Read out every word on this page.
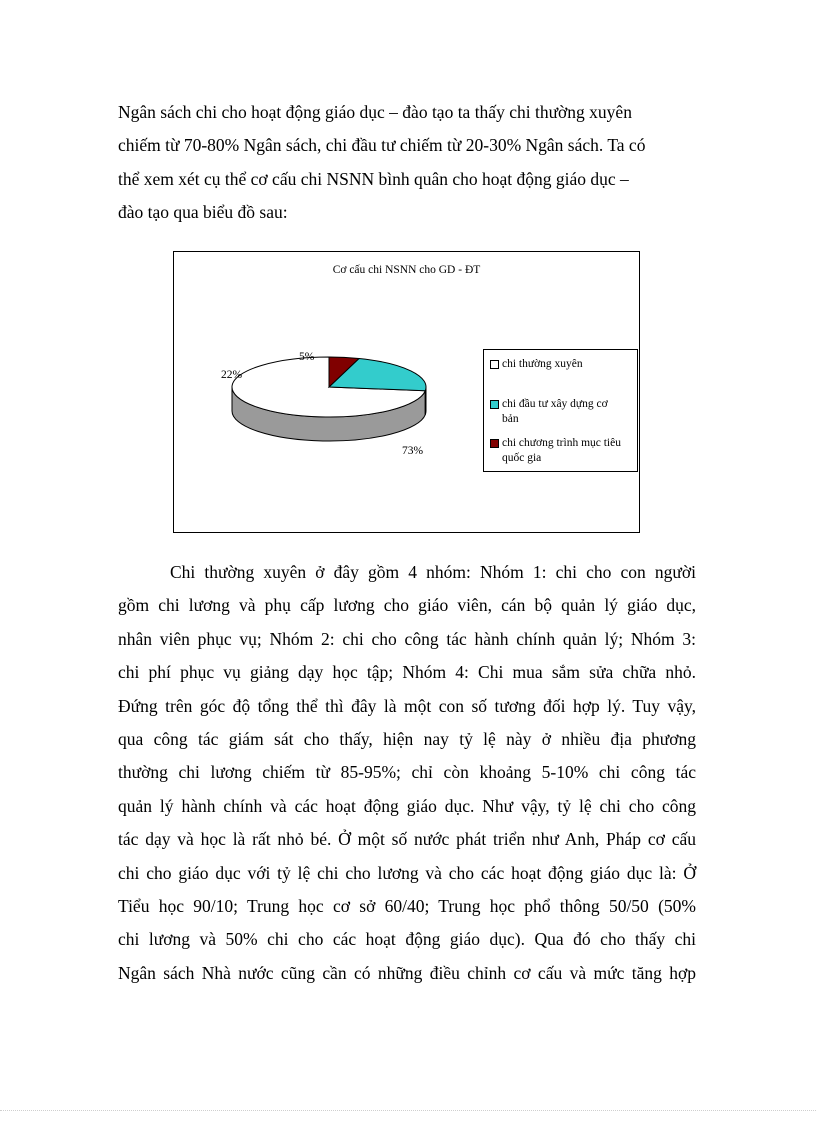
Ngân sách chi cho hoạt động giáo dục – đào tạo ta thấy chi thường xuyên
chiếm từ 70-80% Ngân sách, chi đầu tư chiếm từ 20-30% Ngân sách. Ta có
thể xem xét cụ thể cơ cấu chi NSNN bình quân cho hoạt động giáo dục –
đào tạo qua biểu đồ sau:
Cơ cấu chi NSNN cho GD - ĐT
73%
22%
5%
chi thường xuyên
chi đầu tư xây dựng cơ
bản
chi chương trình mục tiêu
quốc gia
Chi thường xuyên ở đây gồm 4 nhóm: Nhóm 1: chi cho con người
gồm chi lương và phụ cấp lương cho giáo viên, cán bộ quản lý giáo dục,
nhân viên phục vụ; Nhóm 2: chi cho công tác hành chính quản lý; Nhóm 3:
chi phí phục vụ giảng dạy học tập; Nhóm 4: Chi mua sắm sửa chữa nhỏ.
Đứng trên góc độ tổng thể thì đây là một con số tương đối hợp lý. Tuy vậy,
qua công tác giám sát cho thấy, hiện nay tỷ lệ này ở nhiều địa phương
thường chi lương chiếm từ 85-95%; chỉ còn khoảng 5-10% chi công tác
quản lý hành chính và các hoạt động giáo dục. Như vậy, tỷ lệ chi cho công
tác dạy và học là rất nhỏ bé. Ở một số nước phát triển như Anh, Pháp cơ cấu
chi cho giáo dục với tỷ lệ chi cho lương và cho các hoạt động giáo dục là: Ở
Tiểu học 90/10; Trung học cơ sở 60/40; Trung học phổ thông 50/50 (50%
chi lương và 50% chi cho các hoạt động giáo dục). Qua đó cho thấy chi
Ngân sách Nhà nước cũng cần có những điều chỉnh cơ cấu và mức tăng hợp
